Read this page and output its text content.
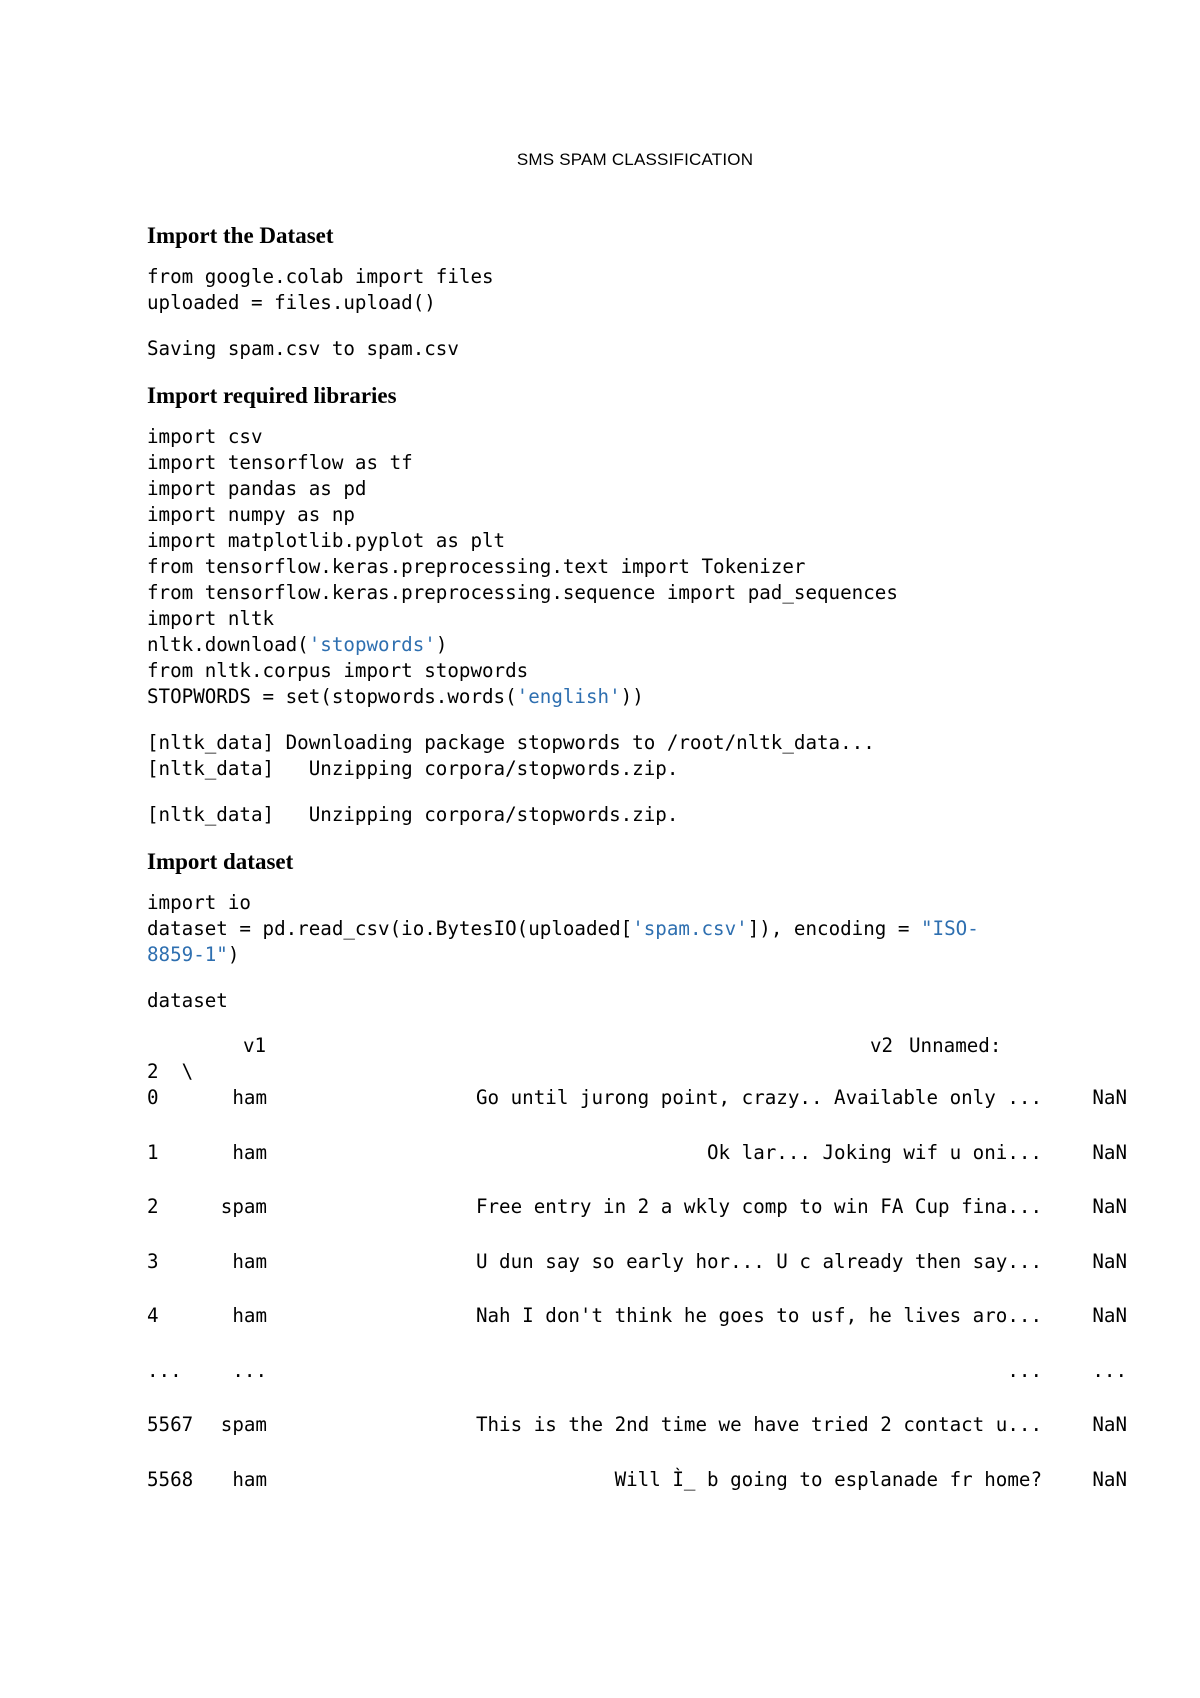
SMS SPAM CLASSIFICATION
Import the Dataset
from google.colab import files
uploaded = files.upload()
Saving spam.csv to spam.csv
Import required libraries
import csv
import tensorflow as tf
import pandas as pd
import numpy as np
import matplotlib.pyplot as plt
from tensorflow.keras.preprocessing.text import Tokenizer
from tensorflow.keras.preprocessing.sequence import pad_sequences
import nltk
nltk.download('stopwords')
from nltk.corpus import stopwords
STOPWORDS = set(stopwords.words('english'))
[nltk_data] Downloading package stopwords to /root/nltk_data...
[nltk_data]   Unzipping corpora/stopwords.zip.
[nltk_data]   Unzipping corpora/stopwords.zip.
Import dataset
import io
dataset = pd.read_csv(io.BytesIO(uploaded['spam.csv']), encoding = "ISO-
8859-1")
dataset
v1	v2 Unnamed:
2  \
0	ham	Go until jurong point, crazy.. Available only ...	NaN
1	ham	Ok lar... Joking wif u oni...	NaN
2	spam	Free entry in 2 a wkly comp to win FA Cup fina...	NaN
3	ham	U dun say so early hor... U c already then say...	NaN
4	ham	Nah I don't think he goes to usf, he lives aro...	NaN
...	...	...	...
5567	spam	This is the 2nd time we have tried 2 contact u...	NaN
5568	ham	Will Ì_ b going to esplanade fr home?	NaN
